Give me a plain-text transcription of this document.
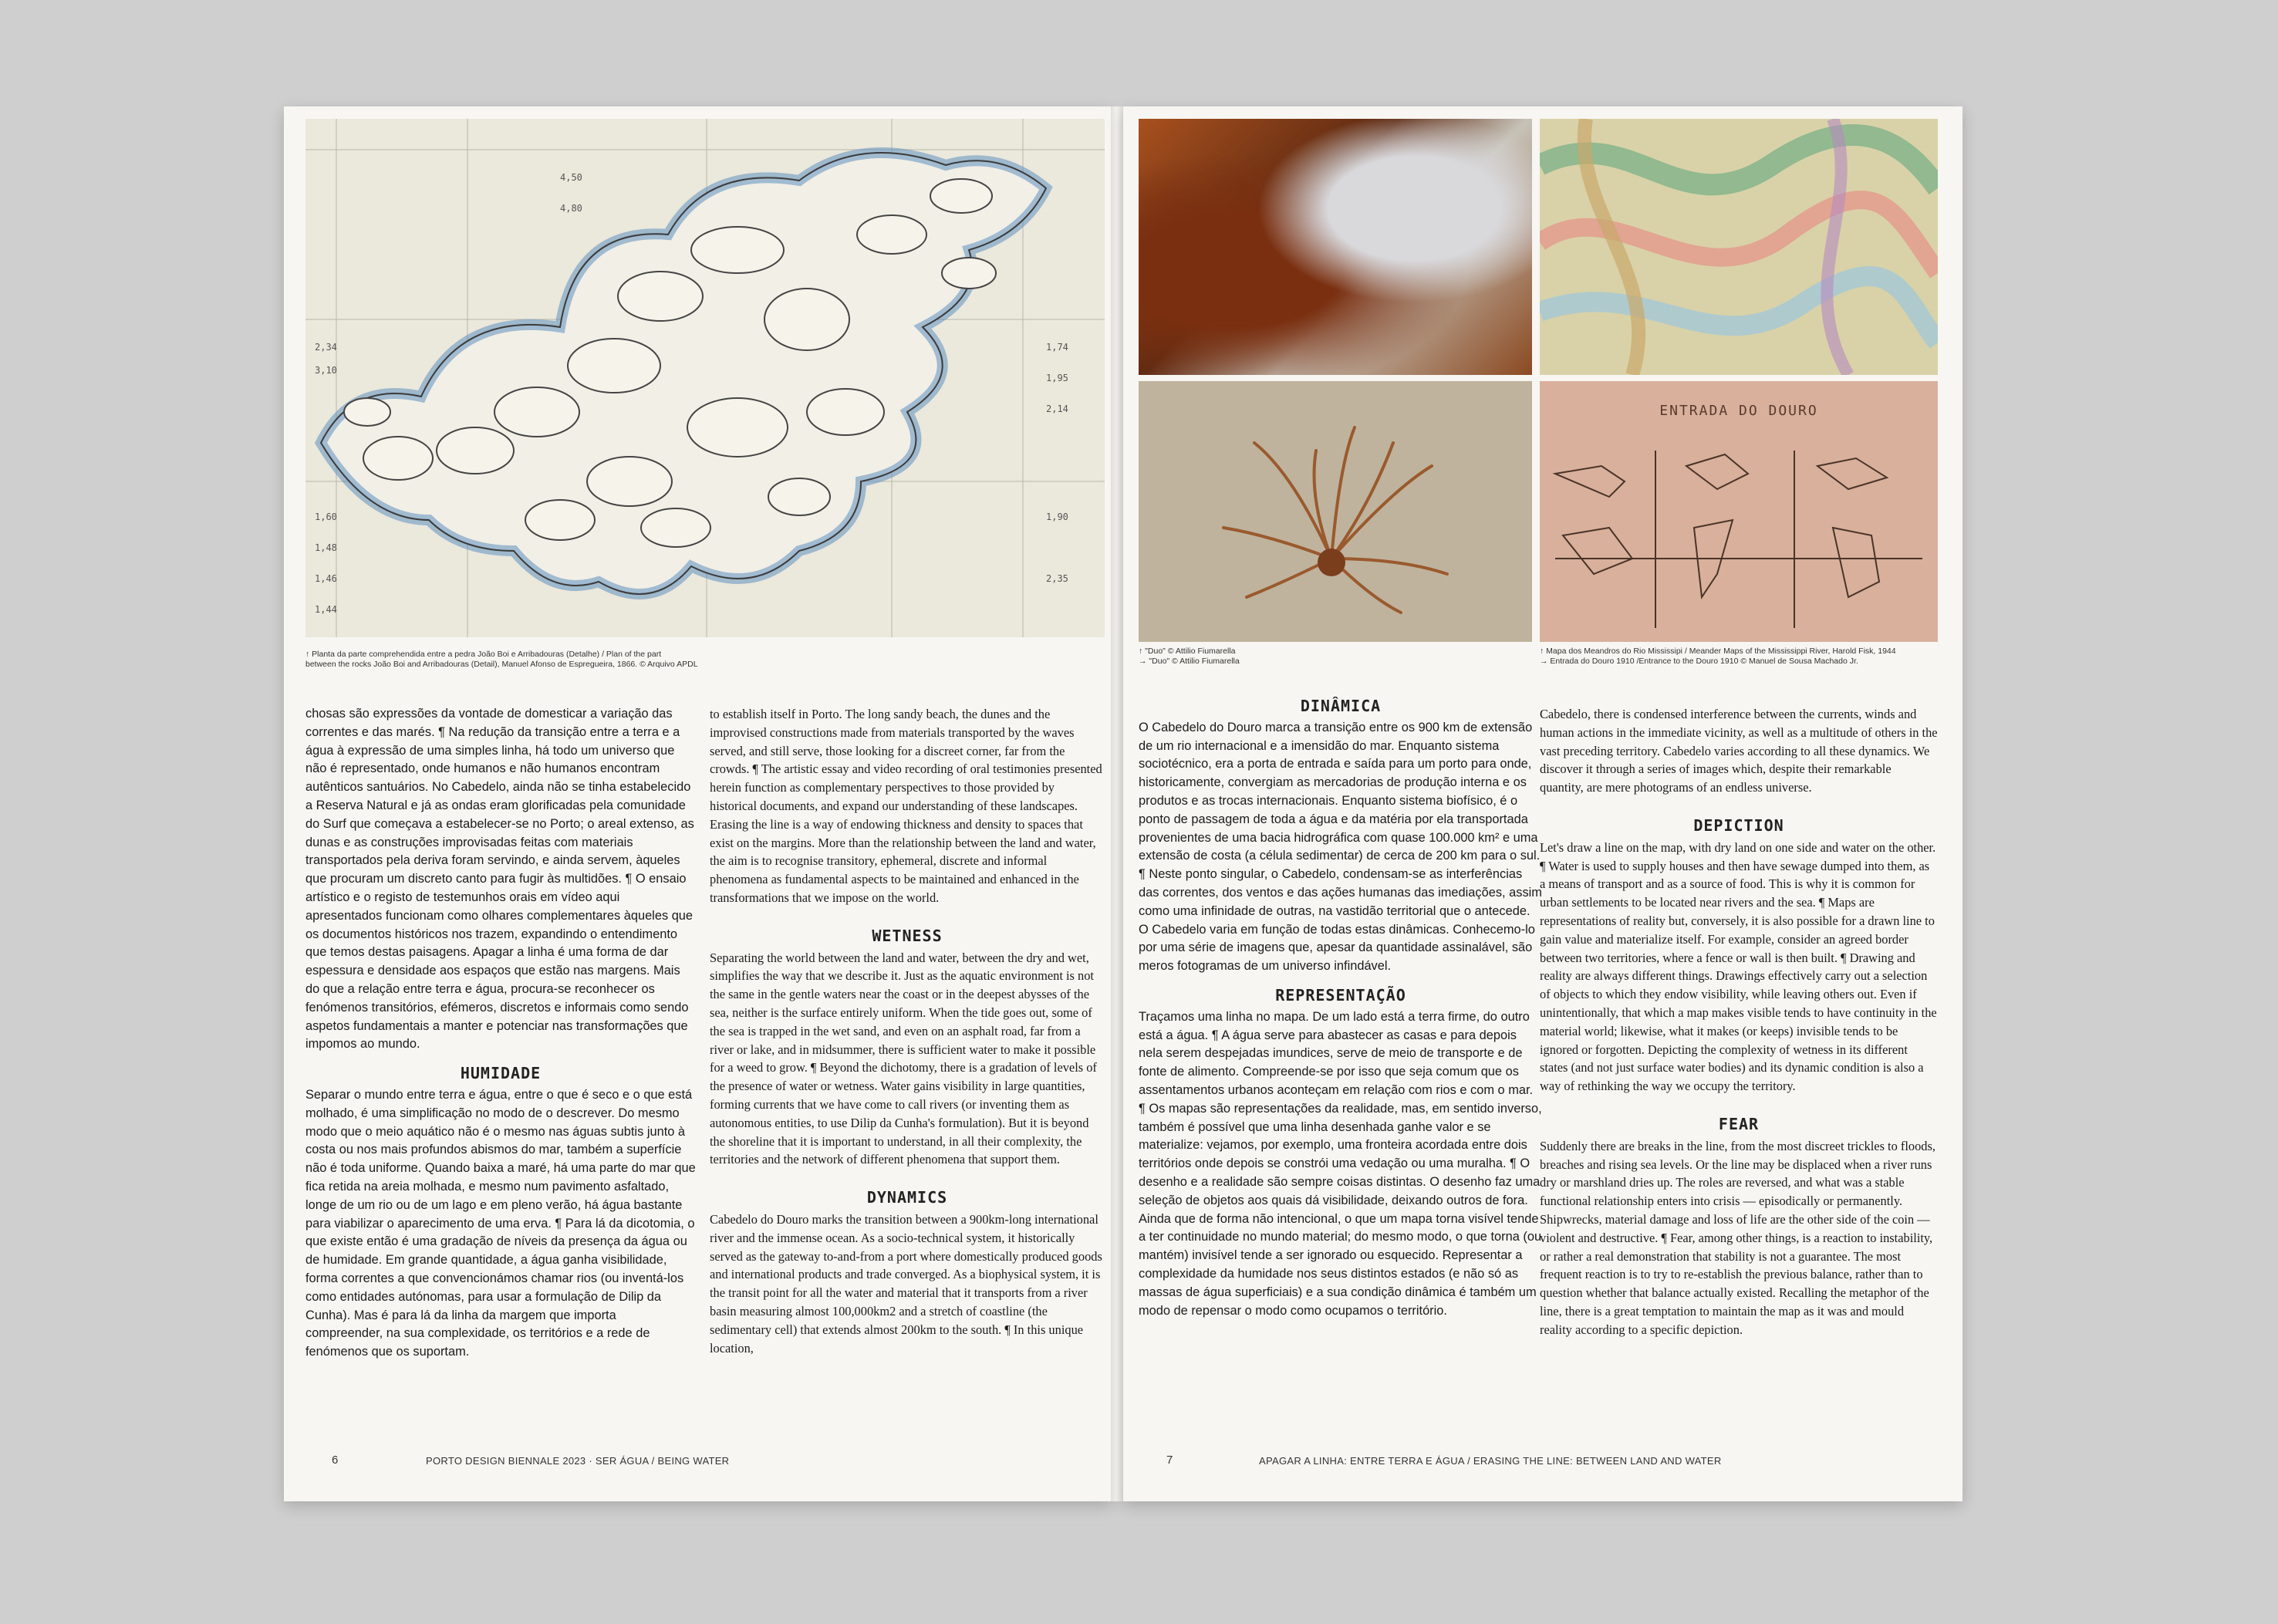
2,34
3,10
1,60
1,48
1,46
1,44
4,50
4,80
1,74
1,95
2,14
1,90
2,35
↑ Planta da parte comprehendida entre a pedra João Boi e Arribadouras (Detalhe) / Plan of the part
between the rocks João Boi and Arribadouras (Detail), Manuel Afonso de Espregueira, 1866. © Arquivo APDL

chosas são expressões da vontade de domesticar a variação das correntes e das marés. ¶ Na redução da transição entre a terra e a água à expressão de uma simples linha, há todo um universo que não é representado, onde humanos e não humanos encontram autênticos santuários. No Cabedelo, ainda não se tinha estabelecido a Reserva Natural e já as ondas eram glorificadas pela comunidade do Surf que começava a estabelecer-se no Porto; o areal extenso, as dunas e as construções improvisadas feitas com materiais transportados pela deriva foram servindo, e ainda servem, àqueles que procuram um discreto canto para fugir às multidões. ¶ O ensaio artístico e o registo de testemunhos orais em vídeo aqui apresentados funcionam como olhares complementares àqueles que os documentos históricos nos trazem, expandindo o entendimento que temos destas paisagens. Apagar a linha é uma forma de dar espessura e densidade aos espaços que estão nas margens. Mais do que a relação entre terra e água, procura-se reconhecer os fenómenos transitórios, efémeros, discretos e informais como sendo aspetos fundamentais a manter e potenciar nas transformações que impomos ao mundo.

HUMIDADE

Separar o mundo entre terra e água, entre o que é seco e o que está molhado, é uma simplificação no modo de o descrever. Do mesmo modo que o meio aquático não é o mesmo nas águas subtis junto à costa ou nos mais profundos abismos do mar, também a superfície não é toda uniforme. Quando baixa a maré, há uma parte do mar que fica retida na areia molhada, e mesmo num pavimento asfaltado, longe de um rio ou de um lago e em pleno verão, há água bastante para viabilizar o aparecimento de uma erva. ¶ Para lá da dicotomia, o que existe então é uma gradação de níveis da presença da água ou de humidade. Em grande quantidade, a água ganha visibilidade, forma correntes a que convencionámos chamar rios (ou inventá-los como entidades autónomas, para usar a formulação de Dilip da Cunha). Mas é para lá da linha da margem que importa compreender, na sua complexidade, os territórios e a rede de fenómenos que os suportam.

to establish itself in Porto. The long sandy beach, the dunes and the improvised constructions made from materials transported by the waves served, and still serve, those looking for a discreet corner, far from the crowds. ¶ The artistic essay and video recording of oral testimonies presented herein function as complementary perspectives to those provided by historical documents, and expand our understanding of these landscapes. Erasing the line is a way of endowing thickness and density to spaces that exist on the margins. More than the relationship between the land and water, the aim is to recognise transitory, ephemeral, discrete and informal phenomena as fundamental aspects to be maintained and enhanced in the transformations that we impose on the world.

WETNESS

Separating the world between the land and water, between the dry and wet, simplifies the way that we describe it. Just as the aquatic environment is not the same in the gentle waters near the coast or in the deepest abysses of the sea, neither is the surface entirely uniform. When the tide goes out, some of the sea is trapped in the wet sand, and even on an asphalt road, far from a river or lake, and in midsummer, there is sufficient water to make it possible for a weed to grow. ¶ Beyond the dichotomy, there is a gradation of levels of the presence of water or wetness. Water gains visibility in large quantities, forming currents that we have come to call rivers (or inventing them as autonomous entities, to use Dilip da Cunha's formulation). But it is beyond the shoreline that it is important to understand, in all their complexity, the territories and the network of different phenomena that support them.

DYNAMICS

Cabedelo do Douro marks the transition between a 900km-long international river and the immense ocean. As a socio-technical system, it historically served as the gateway to-and-from a port where domestically produced goods and international products and trade converged. As a biophysical system, it is the transit point for all the water and material that it transports from a river basin measuring almost 100,000km2 and a stretch of coastline (the sedimentary cell) that extends almost 200km to the south. ¶ In this unique location,

6	PORTO DESIGN BIENNALE 2023 · SER ÁGUA / BEING WATER
ENTRADA DO DOURO
↑ "Duo" © Attilio Fiumarella
→ "Duo" © Attilio Fiumarella
↑ Mapa dos Meandros do Rio Mississipi / Meander Maps of the Mississippi River, Harold Fisk, 1944
→ Entrada do Douro 1910 /Entrance to the Douro 1910 © Manuel de Sousa Machado Jr.
DINÂMICA

O Cabedelo do Douro marca a transição entre os 900 km de extensão de um rio internacional e a imensidão do mar. Enquanto sistema sociotécnico, era a porta de entrada e saída para um porto para onde, historicamente, convergiam as mercadorias de produção interna e os produtos e as trocas internacionais. Enquanto sistema biofísico, é o ponto de passagem de toda a água e da matéria por ela transportada provenientes de uma bacia hidrográfica com quase 100.000 km² e uma extensão de costa (a célula sedimentar) de cerca de 200 km para o sul. ¶ Neste ponto singular, o Cabedelo, condensam-se as interferências das correntes, dos ventos e das ações humanas das imediações, assim como uma infinidade de outras, na vastidão territorial que o antecede. O Cabedelo varia em função de todas estas dinâmicas. Conhecemo-lo por uma série de imagens que, apesar da quantidade assinalável, são meros fotogramas de um universo infindável.

REPRESENTAÇÃO

Traçamos uma linha no mapa. De um lado está a terra firme, do outro está a água. ¶ A água serve para abastecer as casas e para depois nela serem despejadas imundices, serve de meio de transporte e de fonte de alimento. Compreende-se por isso que seja comum que os assentamentos urbanos aconteçam em relação com rios e com o mar. ¶ Os mapas são representações da realidade, mas, em sentido inverso, também é possível que uma linha desenhada ganhe valor e se materialize: vejamos, por exemplo, uma fronteira acordada entre dois territórios onde depois se constrói uma vedação ou uma muralha. ¶ O desenho e a realidade são sempre coisas distintas. O desenho faz uma seleção de objetos aos quais dá visibilidade, deixando outros de fora. Ainda que de forma não intencional, o que um mapa torna visível tende a ter continuidade no mundo material; do mesmo modo, o que torna (ou mantém) invisível tende a ser ignorado ou esquecido. Representar a complexidade da humidade nos seus distintos estados (e não só as massas de água superficiais) e a sua condição dinâmica é também um modo de repensar o modo como ocupamos o território.

Cabedelo, there is condensed interference between the currents, winds and human actions in the immediate vicinity, as well as a multitude of others in the vast preceding territory. Cabedelo varies according to all these dynamics. We discover it through a series of images which, despite their remarkable quantity, are mere photograms of an endless universe.

DEPICTION

Let's draw a line on the map, with dry land on one side and water on the other. ¶ Water is used to supply houses and then have sewage dumped into them, as a means of transport and as a source of food. This is why it is common for urban settlements to be located near rivers and the sea. ¶ Maps are representations of reality but, conversely, it is also possible for a drawn line to gain value and materialize itself. For example, consider an agreed border between two territories, where a fence or wall is then built. ¶ Drawing and reality are always different things. Drawings effectively carry out a selection of objects to which they endow visibility, while leaving others out. Even if unintentionally, that which a map makes visible tends to have continuity in the material world; likewise, what it makes (or keeps) invisible tends to be ignored or forgotten. Depicting the complexity of wetness in its different states (and not just surface water bodies) and its dynamic condition is also a way of rethinking the way we occupy the territory.

FEAR

Suddenly there are breaks in the line, from the most discreet trickles to floods, breaches and rising sea levels. Or the line may be displaced when a river runs dry or marshland dries up. The roles are reversed, and what was a stable functional relationship enters into crisis — episodically or permanently. Shipwrecks, material damage and loss of life are the other side of the coin — violent and destructive. ¶ Fear, among other things, is a reaction to instability, or rather a real demonstration that stability is not a guarantee. The most frequent reaction is to try to re-establish the previous balance, rather than to question whether that balance actually existed. Recalling the metaphor of the line, there is a great temptation to maintain the map as it was and mould reality according to a specific depiction.

7	APAGAR A LINHA: ENTRE TERRA E ÁGUA / ERASING THE LINE: BETWEEN LAND AND WATER
